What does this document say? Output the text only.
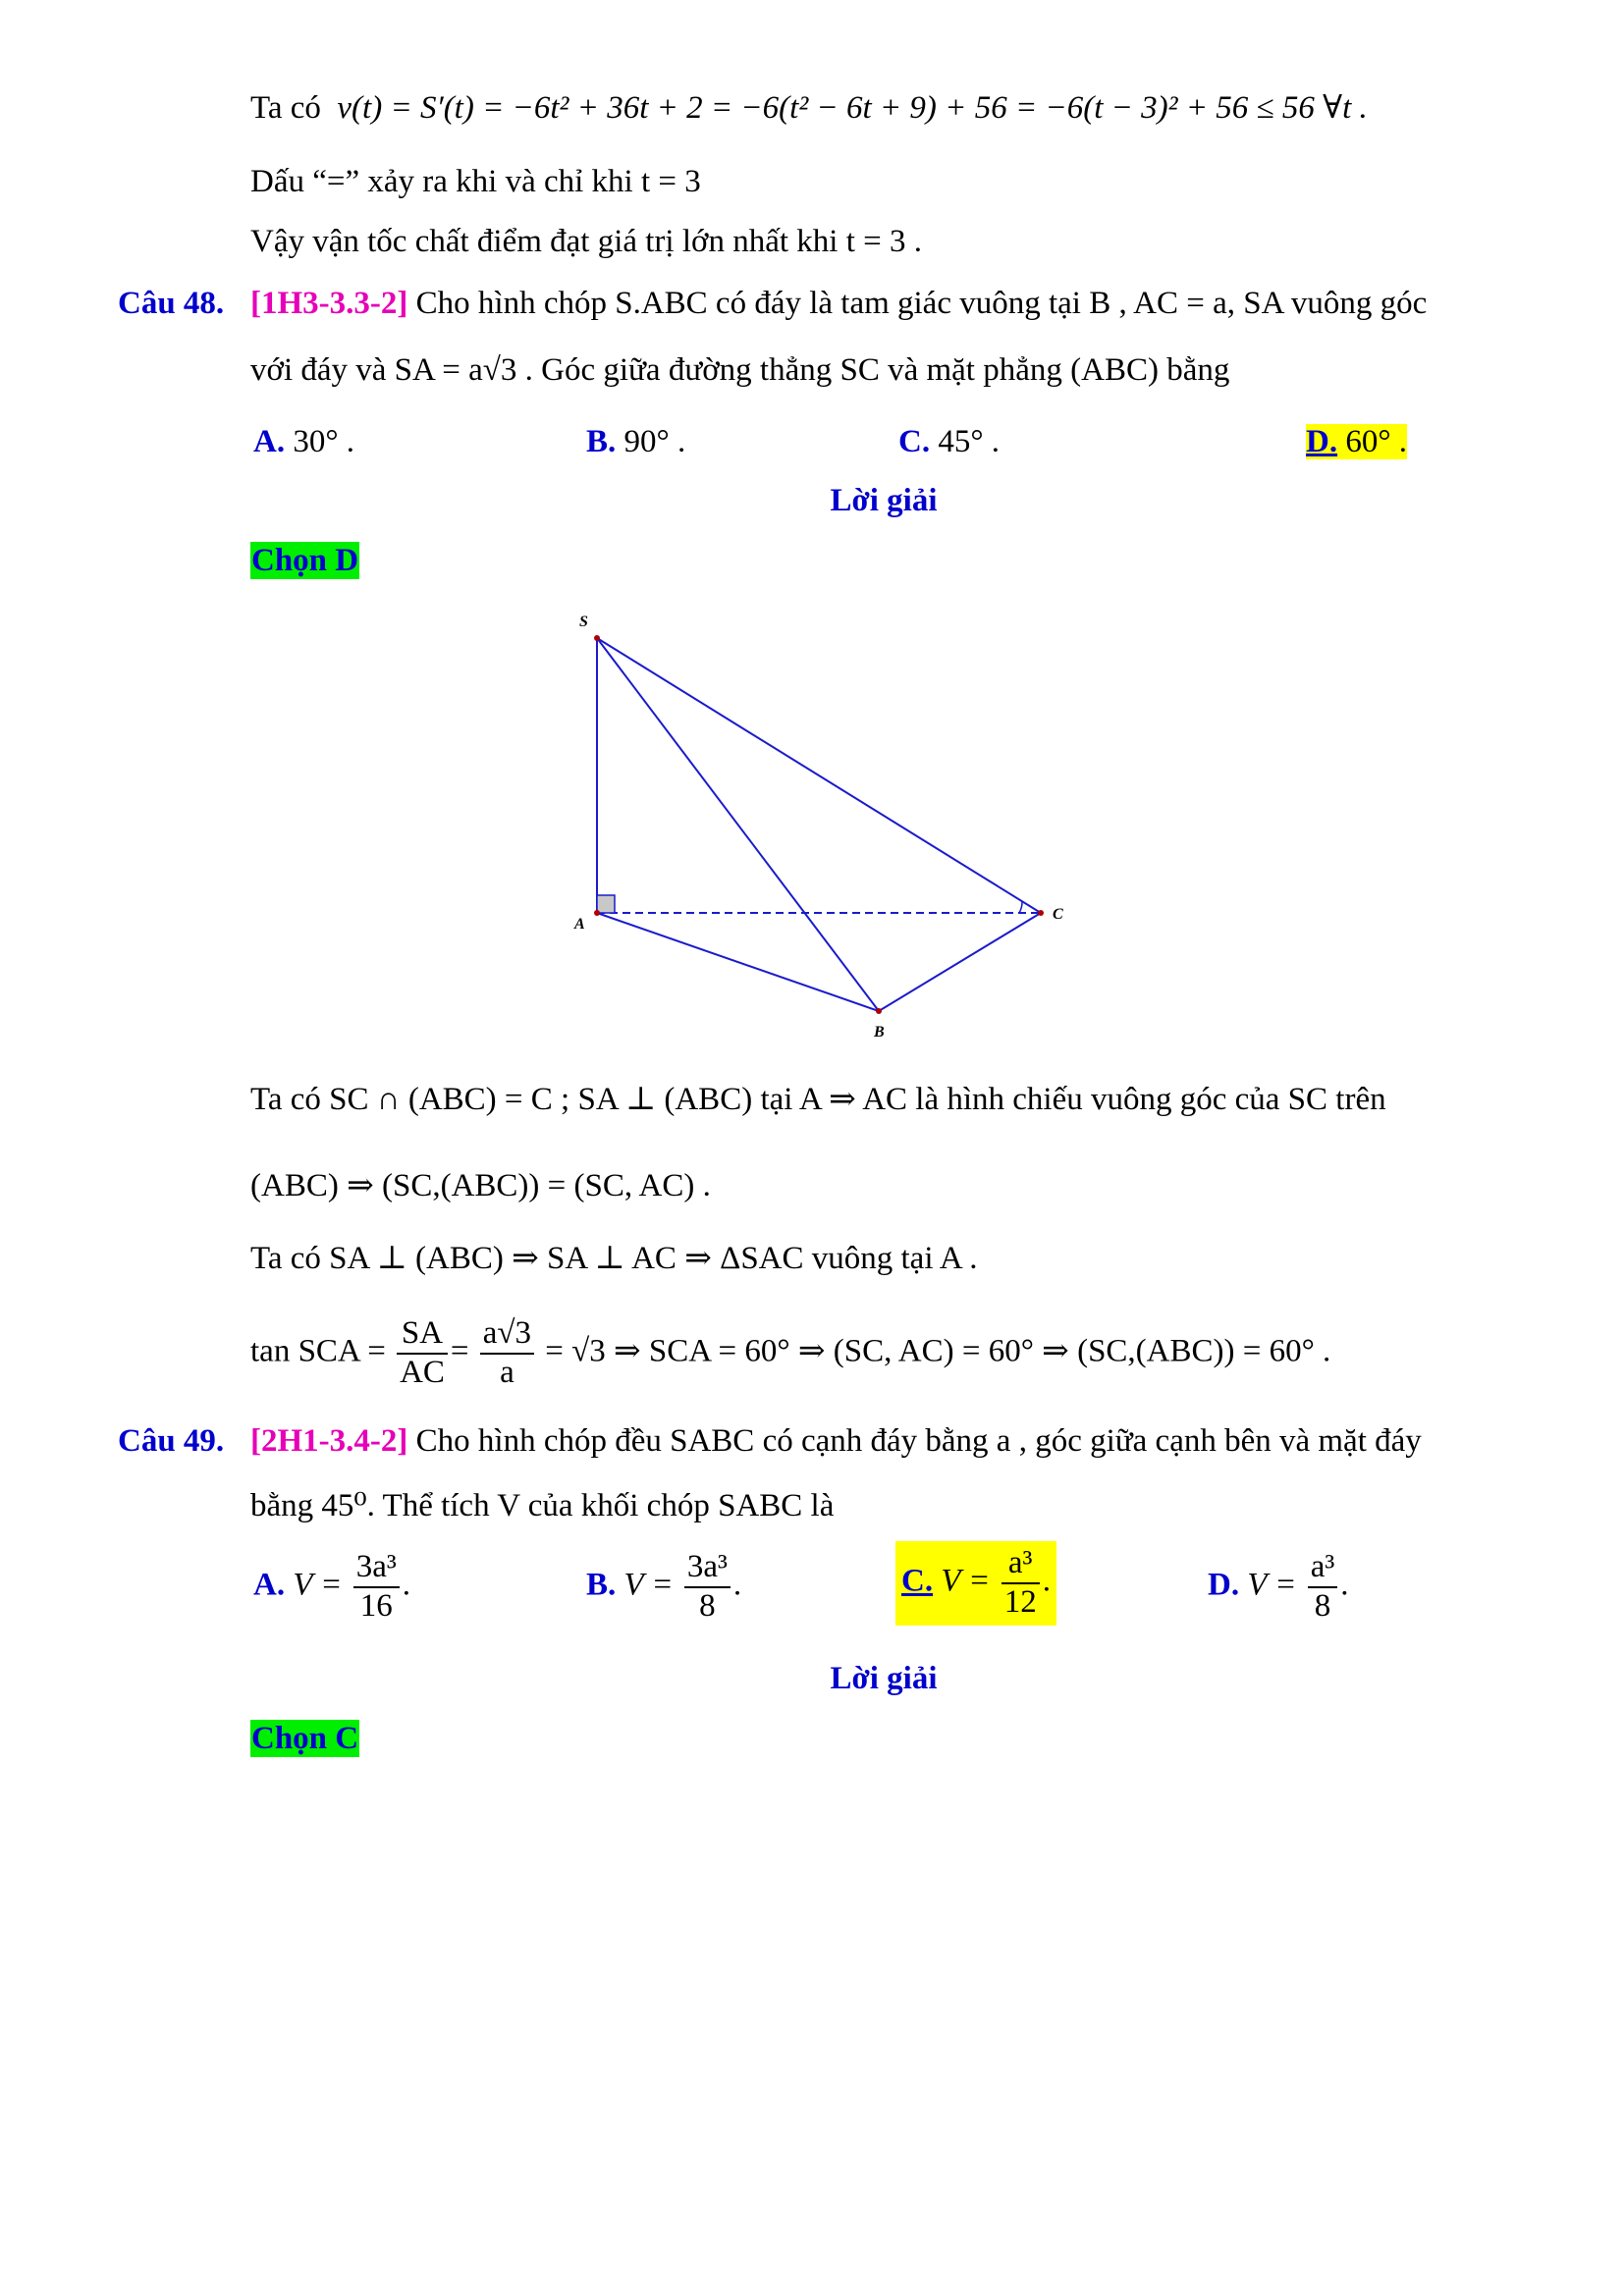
Ta có v(t) = S′(t) = −6t² + 36t + 2 = −6(t² − 6t + 9) + 56 = −6(t − 3)² + 56 ≤ 56 ∀t .
Dấu “=” xảy ra khi và chỉ khi t = 3
Vậy vận tốc chất điểm đạt giá trị lớn nhất khi t = 3 .
Câu 48. [1H3-3.3-2] Cho hình chóp S.ABC có đáy là tam giác vuông tại B , AC = a, SA vuông góc
với đáy và SA = a√3 . Góc giữa đường thẳng SC và mặt phẳng (ABC) bằng
A. 30° .	B. 90° .	C. 45° .	D. 60° .
Lời giải
Chọn D
S
A
B
C
Ta có SC ∩ (ABC) = C ; SA ⊥ (ABC) tại A ⇒ AC là hình chiếu vuông góc của SC trên
(ABC) ⇒ (SC,(ABC)) = (SC, AC) .
Ta có SA ⊥ (ABC) ⇒ SA ⊥ AC ⇒ ΔSAC vuông tại A .
tan SCA = $\frac{SA}{AC} = \frac{a√3}{a} = √3$ ⇒ SCA = 60° ⇒ (SC, AC) = 60° ⇒ (SC,(ABC)) = 60° .
Câu 49. [2H1-3.4-2] Cho hình chóp đều SABC có cạnh đáy bằng a , góc giữa cạnh bên và mặt đáy
bằng 45⁰. Thể tích V của khối chóp SABC là
A. $V = \frac{\text{3a³}}{16}$ .	B. $V = \frac{\text{3a³}}{8}$ .	C. $V = \frac{\text{a³}}{12}$ .	D. $V = \frac{\text{a³}}{8}$ .
Lời giải
Chọn C
